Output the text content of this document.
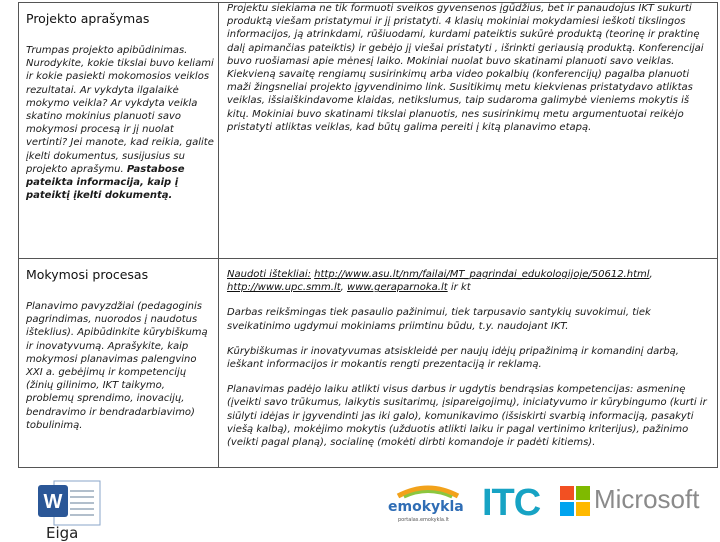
Projekto aprašymas
Trumpas projekto apibūdinimas. Nurodykite, kokie tikslai buvo keliami ir kokie pasiekti mokomosios veiklos rezultatai. Ar vykdyta ilgalaikė mokymo veikla? Ar vykdyta veikla skatino mokinius planuoti savo mokymosi procesą ir jį nuolat vertinti? Jei manote, kad reikia, galite įkelti dokumentus, susijusius su projekto aprašymu. Pastabose pateikta informacija, kaip į pateiktį įkelti dokumentą.
Projektu siekiama ne tik formuoti sveikos gyvensenos įgūdžius, bet ir panaudojus IKT sukurti produktą viešam pristatymui ir jį pristatyti. 4 klasių mokiniai mokydamiesi ieškoti tikslingos informacijos, ją atrinkdami, rūšiuodami, kurdami pateiktis sukūrė produktą (teorinę ir praktinę dalį apimančias pateiktis) ir gebėjo jį viešai pristatyti , išrinkti geriausią produktą. Konferencijai buvo ruošiamasi apie mėnesį laiko. Mokiniai nuolat buvo skatinami planuoti savo veiklas. Kiekvieną savaitę rengiamų susirinkimų arba video pokalbių (konferencijų) pagalba planuoti maži žingsneliai projekto įgyvendinimo link. Susitikimų metu kiekvienas pristatydavo atliktas veiklas, išsiaiškindavome klaidas, netikslumus, taip sudaroma galimybė vieniems mokytis iš kitų. Mokiniai buvo skatinami tikslai planuotis, nes susirinkimų metu argumentuotai reikėjo pristatyti atliktas veiklas, kad būtų galima pereiti į kitą planavimo etapą.
Mokymosi procesas
Planavimo pavyzdžiai (pedagoginis pagrindimas, nuorodos į naudotus išteklius). Apibūdinkite kūrybiškumą ir inovatyvumą. Aprašykite, kaip mokymosi planavimas palengvino XXI a. gebėjimų ir kompetencijų (žinių gilinimo, IKT taikymo, problemų sprendimo, inovacijų, bendravimo ir bendradarbiavimo) tobulinimą.

Naudoti ištekliai: http://www.asu.lt/nm/failai/MT_pagrindai_edukologijoje/50612.html, http://www.upc.smm.lt, www.geraparnoka.lt ir kt

Darbas reikšmingas tiek pasaulio pažinimui, tiek tarpusavio santykių suvokimui, tiek sveikatinimo ugdymui mokiniams priimtinu būdu, t.y. naudojant IKT.

Kūrybiškumas ir inovatyvumas atsiskleidė per naujų idėjų pripažinimą ir komandinį darbą, ieškant informacijos ir mokantis rengti prezentaciją ir reklamą.

Planavimas padėjo laiku atlikti visus darbus ir ugdytis bendrąsias kompetencijas: asmeninę (įveikti savo trūkumus, laikytis susitarimų, įsipareigojimų), iniciatyvumo ir kūrybingumo (kurti ir siūlyti idėjas ir įgyvendinti jas iki galo), komunikavimo (išsiskirti svarbią informaciją, pasakyti viešą kalbą), mokėjimo mokytis (užduotis atlikti laiku ir pagal vertinimo kriterijus), pažinimo (veikti pagal planą), socialinę (mokėti dirbti komandoje ir padėti kitiems).

W
Eiga
emokykla
portalas.emokykla.lt ITC Microsoft
